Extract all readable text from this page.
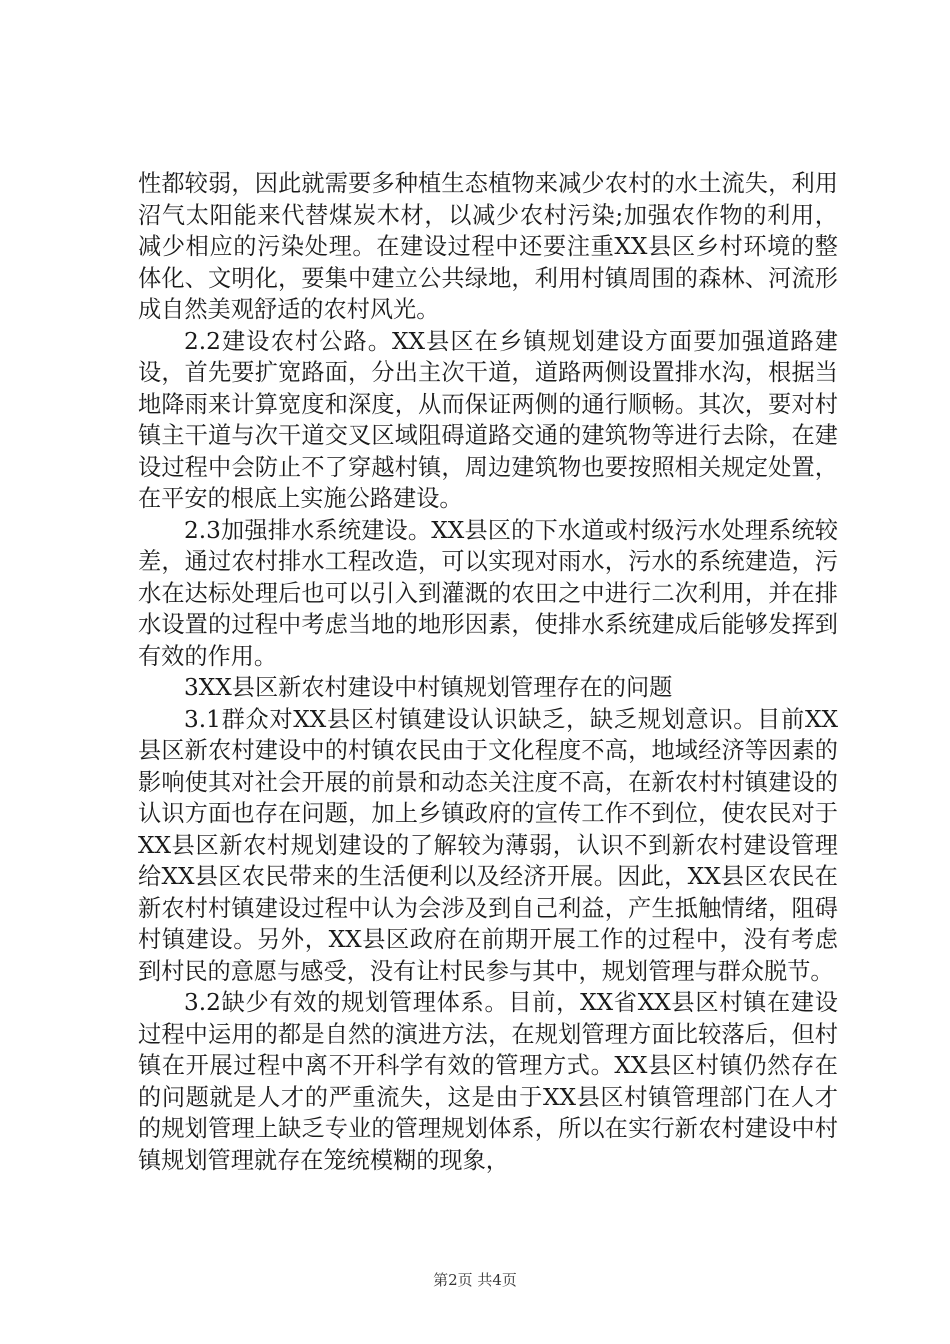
性都较弱，因此就需要多种植生态植物来减少农村的水土流失，利用沼气太阳能来代替煤炭木材，以减少农村污染;加强农作物的利用，减少相应的污染处理。在建设过程中还要注重XX县区乡村环境的整体化、文明化，要集中建立公共绿地，利用村镇周围的森林、河流形成自然美观舒适的农村风光。

2.2建设农村公路。XX县区在乡镇规划建设方面要加强道路建设，首先要扩宽路面，分出主次干道，道路两侧设置排水沟，根据当地降雨来计算宽度和深度，从而保证两侧的通行顺畅。其次，要对村镇主干道与次干道交叉区域阻碍道路交通的建筑物等进行去除，在建设过程中会防止不了穿越村镇，周边建筑物也要按照相关规定处置，在平安的根底上实施公路建设。

2.3加强排水系统建设。XX县区的下水道或村级污水处理系统较差，通过农村排水工程改造，可以实现对雨水，污水的系统建造，污水在达标处理后也可以引入到灌溉的农田之中进行二次利用，并在排水设置的过程中考虑当地的地形因素，使排水系统建成后能够发挥到有效的作用。

3XX县区新农村建设中村镇规划管理存在的问题

3.1群众对XX县区村镇建设认识缺乏，缺乏规划意识。目前XX县区新农村建设中的村镇农民由于文化程度不高，地域经济等因素的影响使其对社会开展的前景和动态关注度不高，在新农村村镇建设的认识方面也存在问题，加上乡镇政府的宣传工作不到位，使农民对于XX县区新农村规划建设的了解较为薄弱，认识不到新农村建设管理给XX县区农民带来的生活便利以及经济开展。因此，XX县区农民在新农村村镇建设过程中认为会涉及到自己利益，产生抵触情绪，阻碍村镇建设。另外，XX县区政府在前期开展工作的过程中，没有考虑到村民的意愿与感受，没有让村民参与其中，规划管理与群众脱节。

3.2缺少有效的规划管理体系。目前，XX省XX县区村镇在建设过程中运用的都是自然的演进方法，在规划管理方面比较落后，但村镇在开展过程中离不开科学有效的管理方式。XX县区村镇仍然存在的问题就是人才的严重流失，这是由于XX县区村镇管理部门在人才的规划管理上缺乏专业的管理规划体系，所以在实行新农村建设中村镇规划管理就存在笼统模糊的现象，

第2页 共4页
